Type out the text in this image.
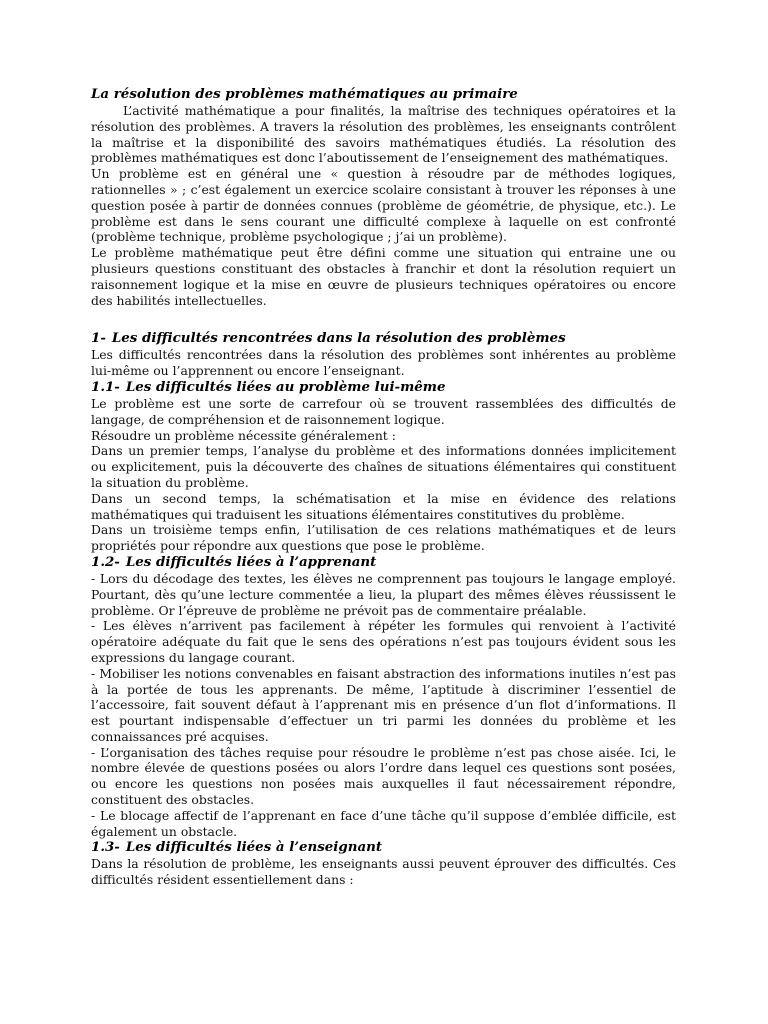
La résolution des problèmes mathématiques au primaire

L’activité mathématique a pour finalités, la maîtrise des techniques opératoires et la résolution des problèmes. A travers la résolution des problèmes, les enseignants contrôlent la maîtrise et la disponibilité des savoirs mathématiques étudiés. La résolution des problèmes mathématiques est donc l’aboutissement de l’enseignement des mathématiques.

Un problème est en général une « question à résoudre par de méthodes logiques, rationnelles » ; c’est également un exercice scolaire consistant à trouver les réponses à une question posée à partir de données connues (problème de géométrie, de physique, etc.). Le problème est dans le sens courant une difficulté complexe à laquelle on est confronté (problème technique, problème psychologique ; j’ai un problème).

Le problème mathématique peut être défini comme une situation qui entraine une ou plusieurs questions constituant des obstacles à franchir et dont la résolution requiert un raisonnement logique et la mise en œuvre de plusieurs techniques opératoires ou encore des habilités intellectuelles.

1- Les difficultés rencontrées dans la résolution des problèmes

Les difficultés rencontrées dans la résolution des problèmes sont inhérentes au problème lui-même ou l’apprennent ou encore l’enseignant.

1.1- Les difficultés liées au problème lui-même

Le problème est une sorte de carrefour où se trouvent rassemblées des difficultés de langage, de compréhension et de raisonnement logique.

Résoudre un problème nécessite généralement :

Dans un premier temps, l’analyse du problème et des informations données implicitement ou explicitement, puis la découverte des chaînes de situations élémentaires qui constituent la situation du problème.

Dans un second temps, la schématisation et la mise en évidence des relations mathématiques qui traduisent les situations élémentaires constitutives du problème.

Dans un troisième temps enfin, l’utilisation de ces relations mathématiques et de leurs propriétés pour répondre aux questions que pose le problème.

1.2- Les difficultés liées à l’apprenant

- Lors du décodage des textes, les élèves ne comprennent pas toujours le langage employé. Pourtant, dès qu’une lecture commentée a lieu, la plupart des mêmes élèves réussissent le problème. Or l’épreuve de problème ne prévoit pas de commentaire préalable.

- Les élèves n’arrivent pas facilement à répéter les formules qui renvoient à l’activité opératoire adéquate du fait que le sens des opérations n’est pas toujours évident sous les expressions du langage courant.

- Mobiliser les notions convenables en faisant abstraction des informations inutiles n’est pas à la portée de tous les apprenants. De même, l’aptitude à discriminer l’essentiel de l’accessoire, fait souvent défaut à l’apprenant mis en présence d’un flot d’informations. Il est pourtant indispensable d’effectuer un tri parmi les données du problème et les connaissances pré acquises.

- L’organisation des tâches requise pour résoudre le problème n’est pas chose aisée. Ici, le nombre élevée de questions posées ou alors l’ordre dans lequel ces questions sont posées, ou encore les questions non posées mais auxquelles il faut nécessairement répondre, constituent des obstacles.

- Le blocage affectif de l’apprenant en face d’une tâche qu’il suppose d’emblée difficile, est également un obstacle.

1.3- Les difficultés liées à l’enseignant

Dans la résolution de problème, les enseignants aussi peuvent éprouver des difficultés. Ces difficultés résident essentiellement dans :
